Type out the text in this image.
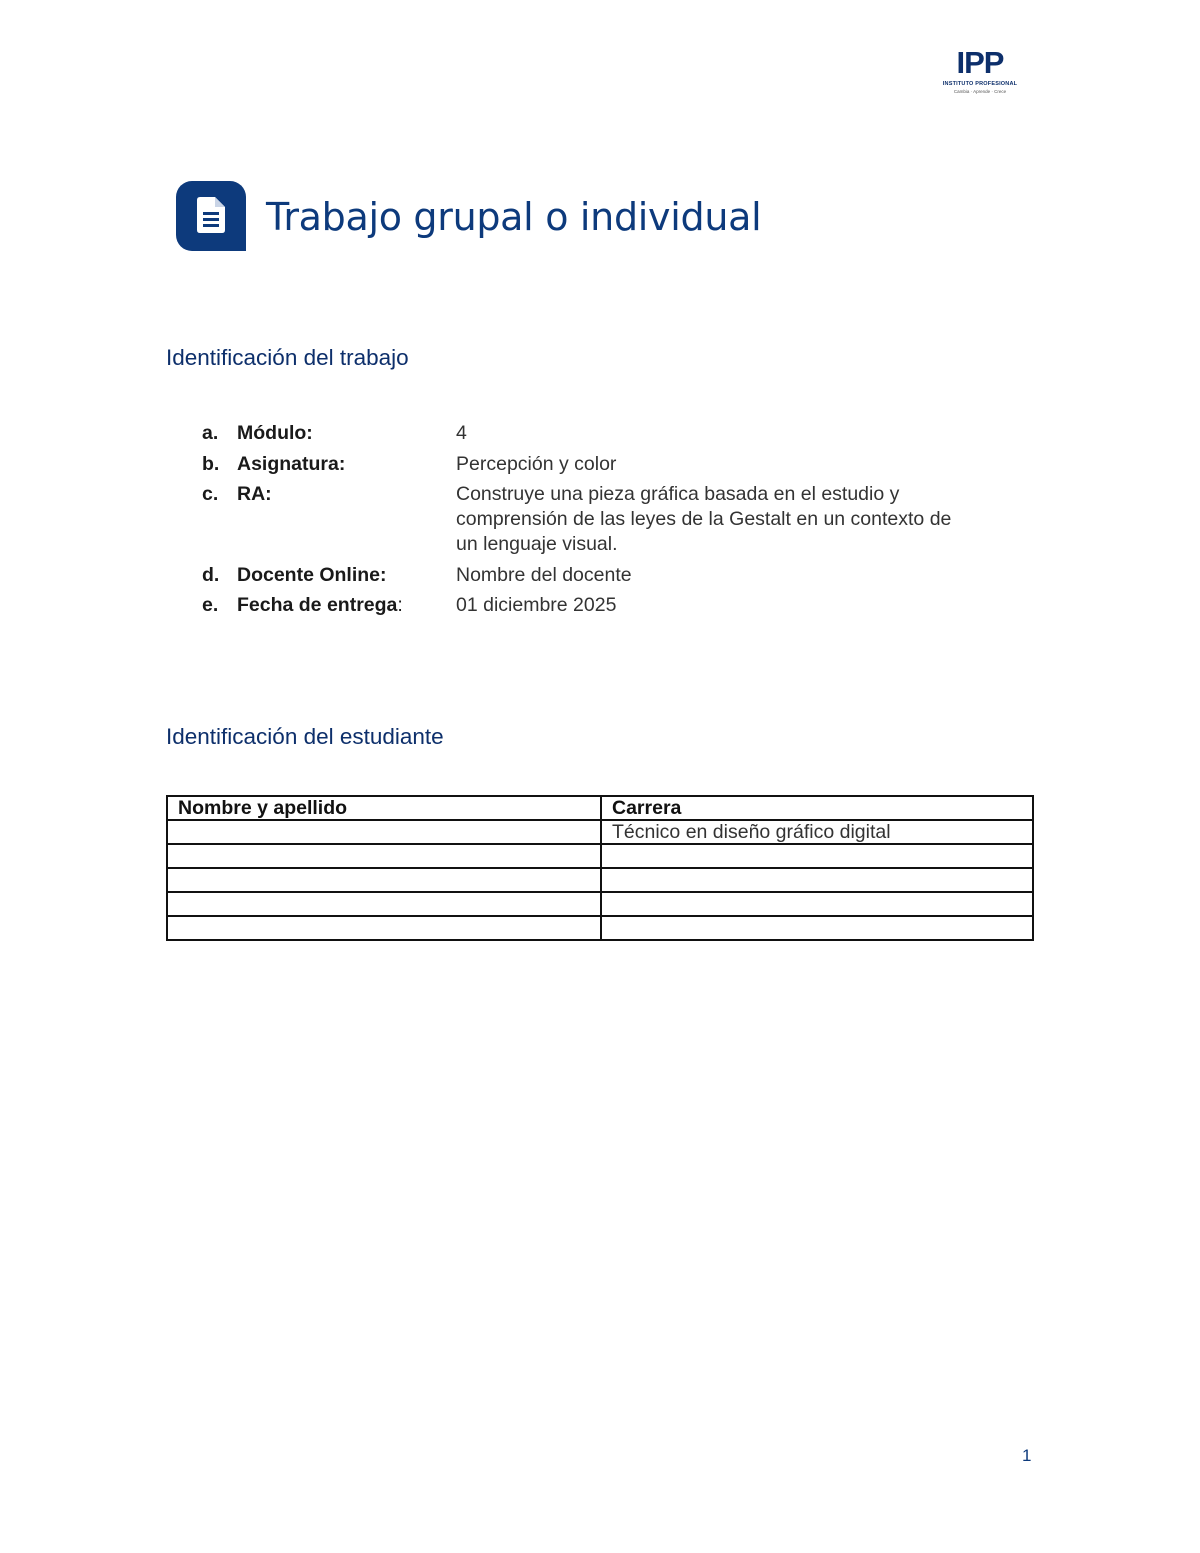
IPP
INSTITUTO PROFESIONAL
Cambia · Aprende · Crece
Trabajo grupal o individual
Identificación del trabajo
a. Módulo:	4
b. Asignatura:	Percepción y color
c. RA:	Construye una pieza gráfica basada en el estudio y comprensión de las leyes de la Gestalt en un contexto de un lenguaje visual.
d. Docente Online:	Nombre del docente
e. Fecha de entrega:	01 diciembre 2025
Identificación del estudiante
Nombre y apellido	Carrera
	Técnico en diseño gráfico digital

1
